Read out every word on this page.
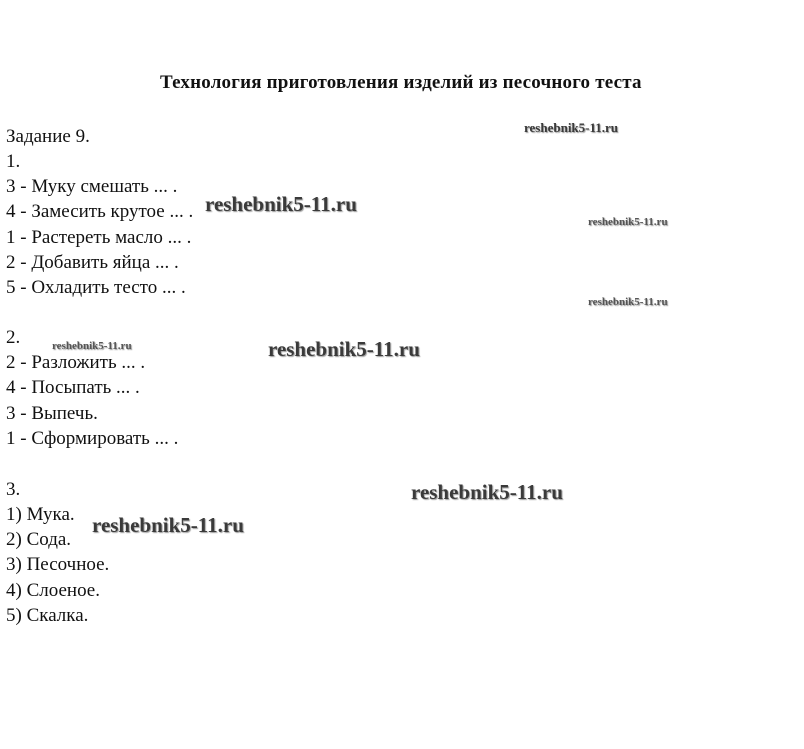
Технология приготовления изделий из песочного теста
Задание 9.
1.
3 - Муку смешать ... .
4 - Замесить крутое ... .
1 - Растереть масло ... .
2 - Добавить яйца ... .
5 - Охладить тесто ... .
2.
2 - Разложить ... .
4 - Посыпать ... .
3 - Выпечь.
1 - Сформировать ... .
3.
1) Мука.
2) Сода.
3) Песочное.
4) Слоеное.
5) Скалка.
reshebnik5-11.ru
reshebnik5-11.ru
reshebnik5-11.ru
reshebnik5-11.ru
reshebnik5-11.ru	reshebnik5-11.ru
reshebnik5-11.ru
reshebnik5-11.ru
